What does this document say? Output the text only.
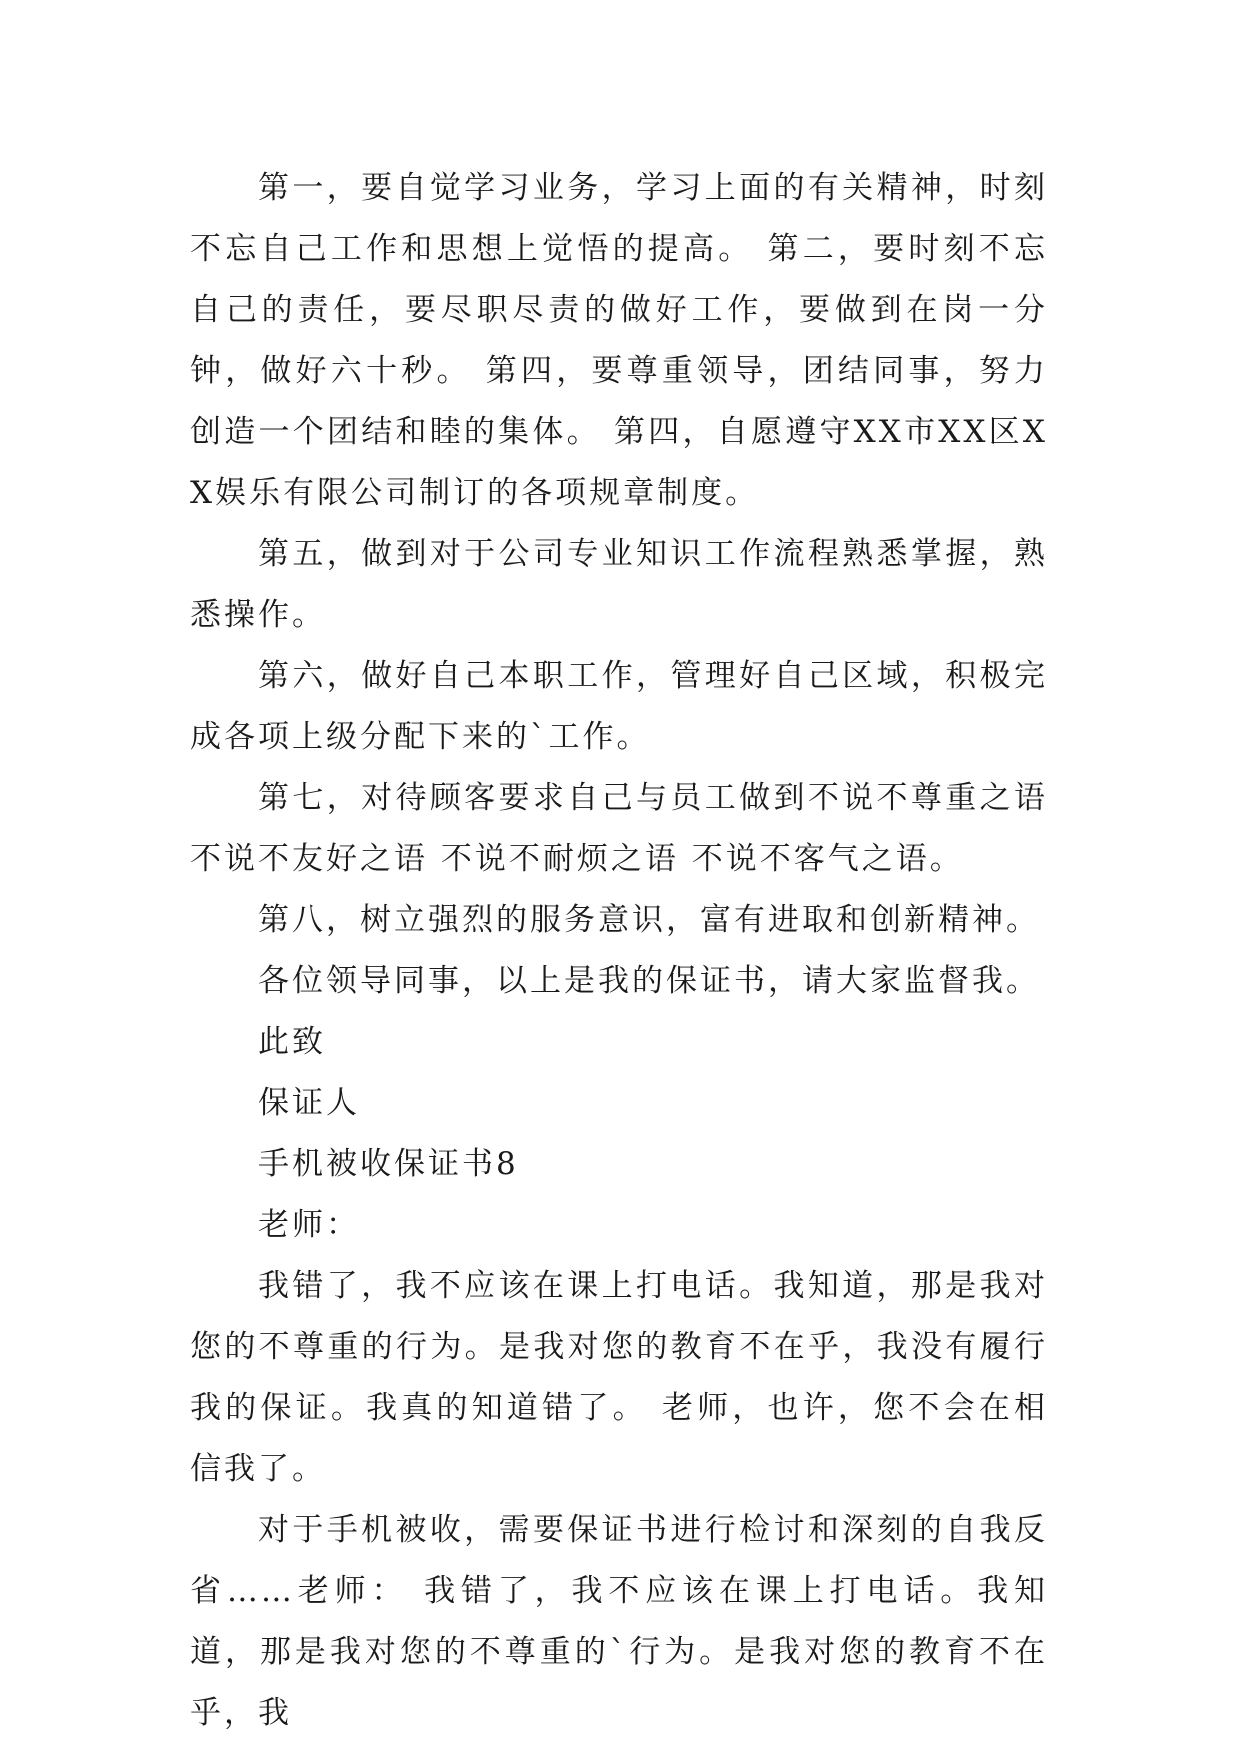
第一，要自觉学习业务，学习上面的有关精神，时刻不忘自己工作和思想上觉悟的提高。 第二，要时刻不忘自己的责任，要尽职尽责的做好工作，要做到在岗一分钟，做好六十秒。 第四，要尊重领导，团结同事，努力创造一个团结和睦的集体。 第四，自愿遵守XX市XX区XX娱乐有限公司制订的各项规章制度。

第五，做到对于公司专业知识工作流程熟悉掌握，熟悉操作。

第六，做好自己本职工作，管理好自己区域，积极完成各项上级分配下来的`工作。

第七，对待顾客要求自己与员工做到不说不尊重之语 不说不友好之语 不说不耐烦之语 不说不客气之语。

第八，树立强烈的服务意识，富有进取和创新精神。

各位领导同事，以上是我的保证书，请大家监督我。

此致

保证人

手机被收保证书8

老师：

我错了，我不应该在课上打电话。我知道，那是我对您的不尊重的行为。是我对您的教育不在乎，我没有履行我的保证。我真的知道错了。 老师，也许，您不会在相信我了。

对于手机被收，需要保证书进行检讨和深刻的自我反省……老师： 我错了，我不应该在课上打电话。我知道，那是我对您的不尊重的`行为。是我对您的教育不在乎，我
